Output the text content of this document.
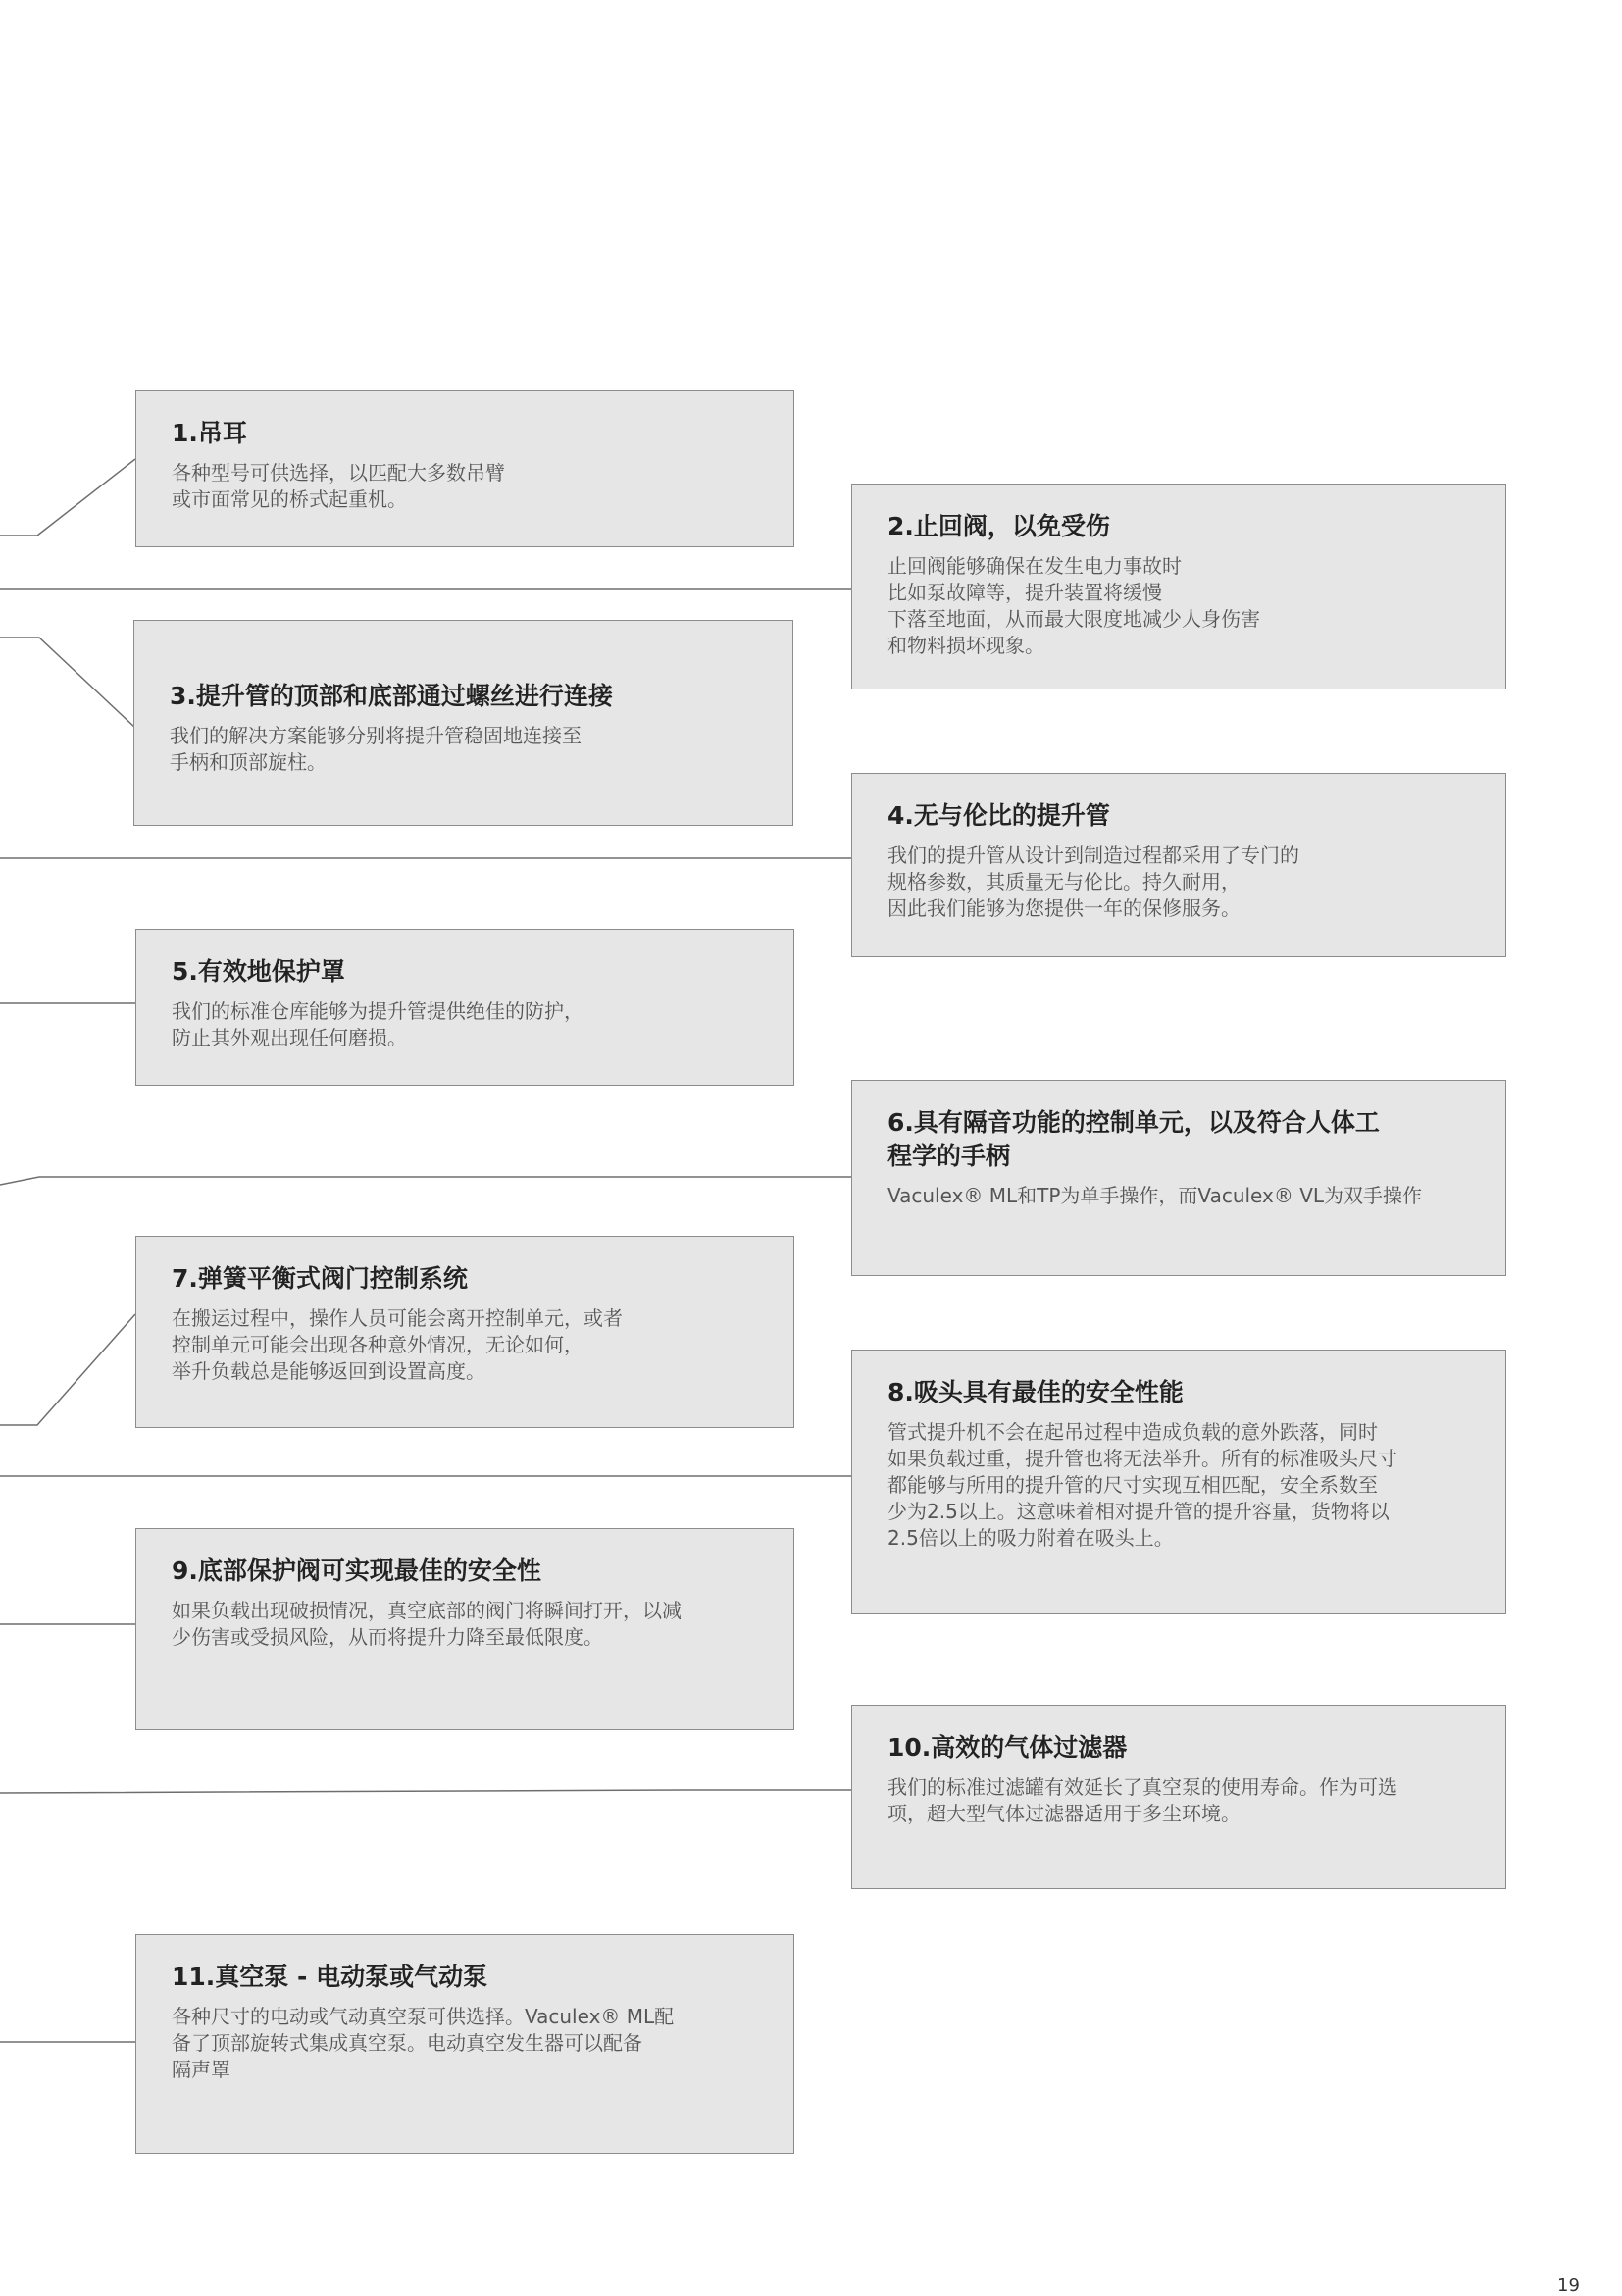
1.吊耳

各种型号可供选择，以匹配大多数吊臂
或市面常见的桥式起重机。

2.止回阀，以免受伤

止回阀能够确保在发生电力事故时
比如泵故障等，提升装置将缓慢
下落至地面，从而最大限度地减少人身伤害
和物料损坏现象。

3.提升管的顶部和底部通过螺丝进行连接

我们的解决方案能够分别将提升管稳固地连接至
手柄和顶部旋柱。

4.无与伦比的提升管

我们的提升管从设计到制造过程都采用了专门的
规格参数，其质量无与伦比。持久耐用，
因此我们能够为您提供一年的保修服务。

5.有效地保护罩

我们的标准仓库能够为提升管提供绝佳的防护，
防止其外观出现任何磨损。

6.具有隔音功能的控制单元，以及符合人体工
程学的手柄

Vaculex® ML和TP为单手操作，而Vaculex® VL为双手操作

7.弹簧平衡式阀门控制系统

在搬运过程中，操作人员可能会离开控制单元，或者
控制单元可能会出现各种意外情况，无论如何，
举升负载总是能够返回到设置高度。

8.吸头具有最佳的安全性能

管式提升机不会在起吊过程中造成负载的意外跌落，同时
如果负载过重，提升管也将无法举升。所有的标准吸头尺寸
都能够与所用的提升管的尺寸实现互相匹配，安全系数至
少为2.5以上。这意味着相对提升管的提升容量，货物将以
2.5倍以上的吸力附着在吸头上。

9.底部保护阀可实现最佳的安全性

如果负载出现破损情况，真空底部的阀门将瞬间打开，以减
少伤害或受损风险，从而将提升力降至最低限度。

10.高效的气体过滤器

我们的标准过滤罐有效延长了真空泵的使用寿命。作为可选
项，超大型气体过滤器适用于多尘环境。

11.真空泵 - 电动泵或气动泵

各种尺寸的电动或气动真空泵可供选择。Vaculex® ML配
备了顶部旋转式集成真空泵。电动真空发生器可以配备
隔声罩

19
